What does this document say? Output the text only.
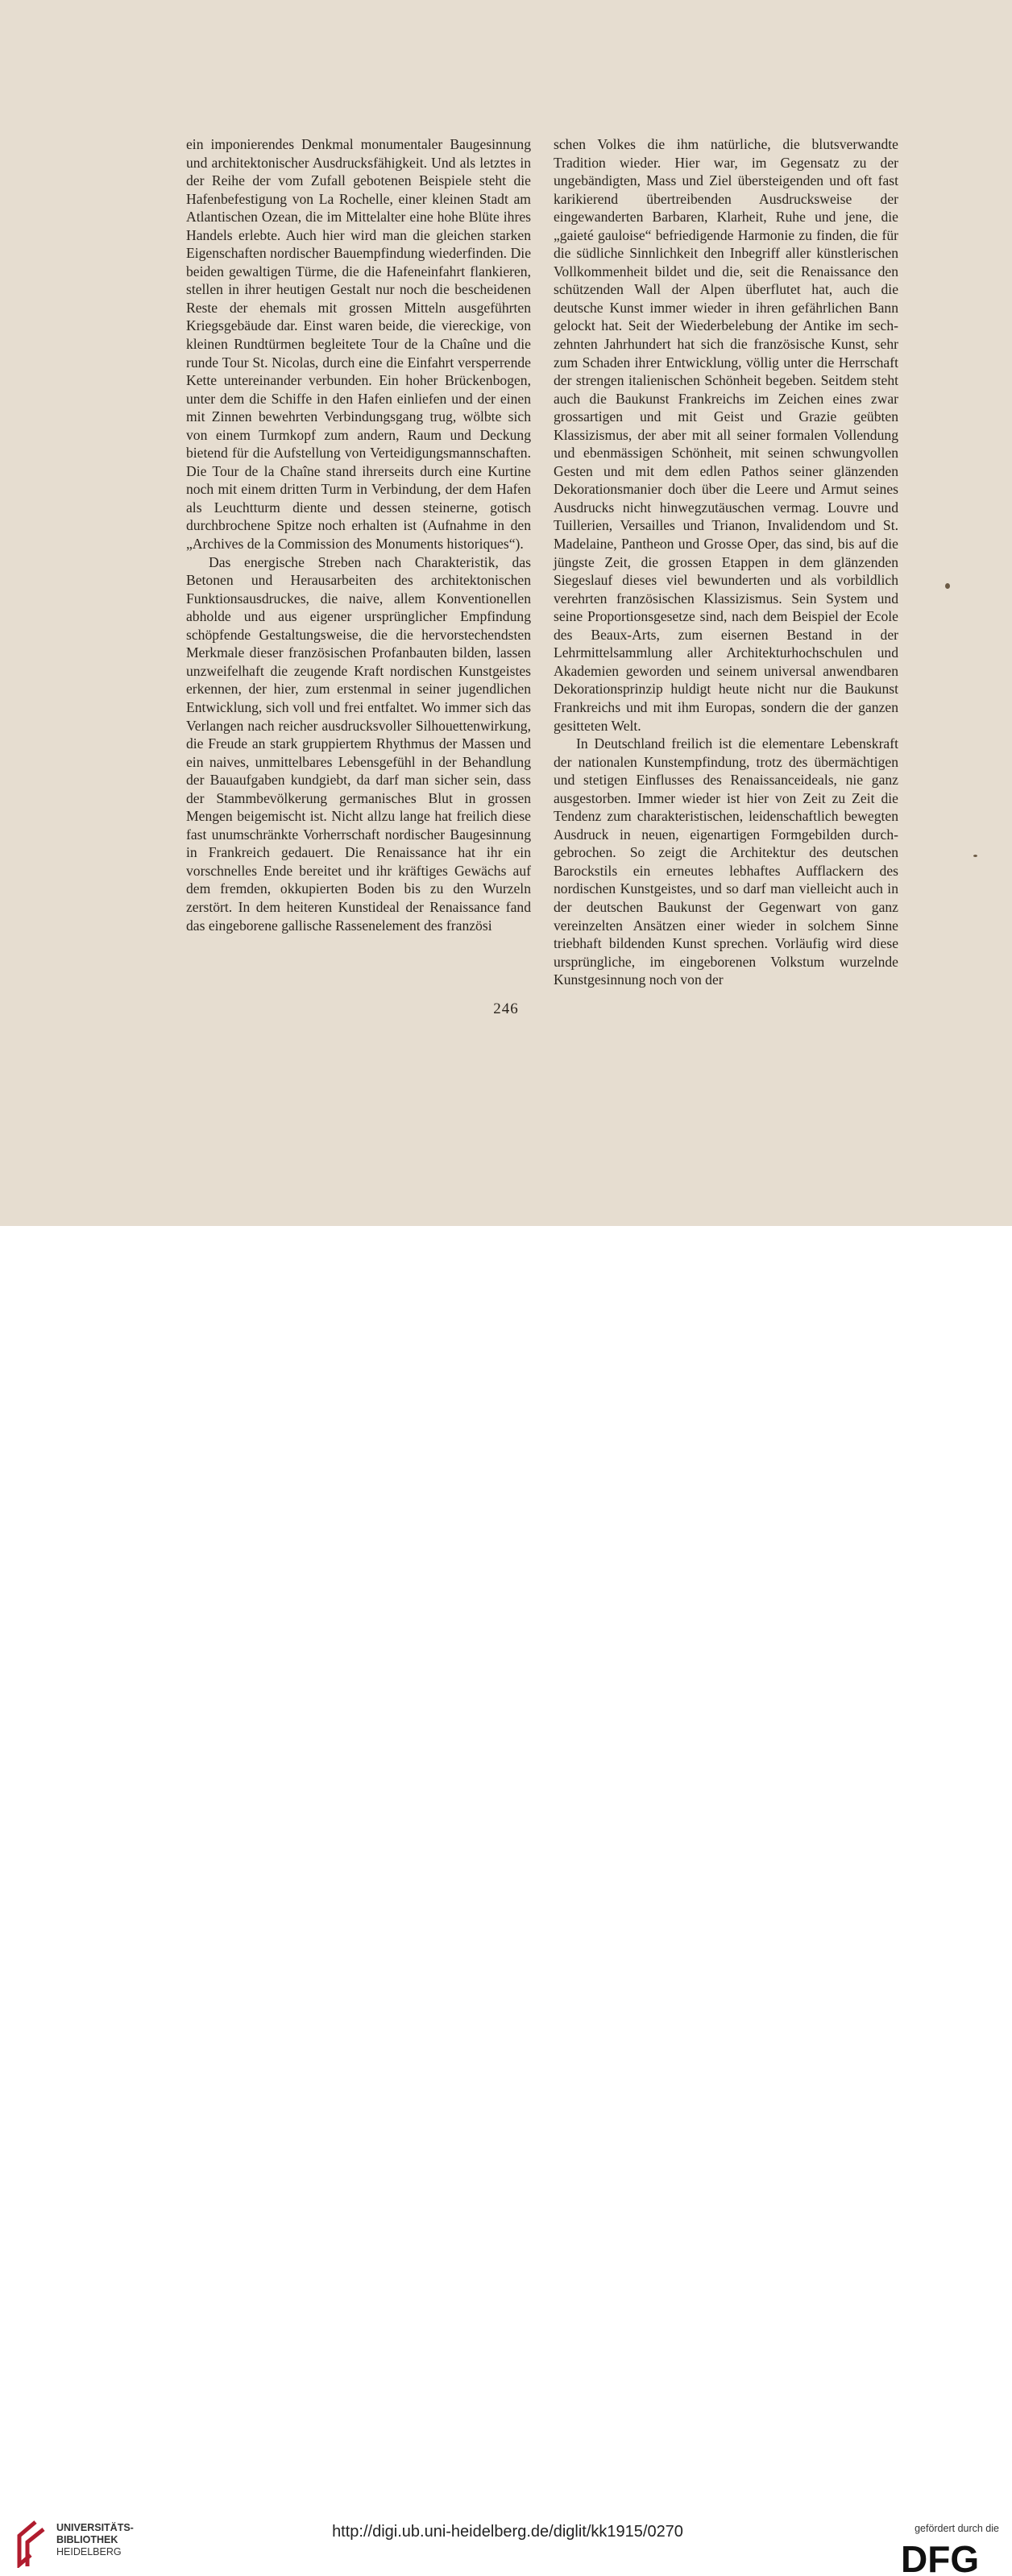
ein imponierendes Denkmal monumentaler Baugesinnung und architektonischer Ausdrucksfähigkeit. Und als letztes in der Reihe der vom Zufall gebotenen Beispiele steht die Hafenbefestigung von La Rochelle, einer kleinen Stadt am Atlantischen Ozean, die im Mittelalter eine hohe Blüte ihres Handels erlebte. Auch hier wird man die gleichen starken Eigenschaften nordischer Bauempfindung wiederfinden. Die beiden gewaltigen Türme, die die Hafeneinfahrt flankieren, stellen in ihrer heutigen Gestalt nur noch die bescheidenen Reste der ehemals mit grossen Mitteln ausgeführten Kriegsgebäude dar. Einst waren beide, die viereckige, von kleinen Rundtürmen begleitete Tour de la Chaîne und die runde Tour St. Nicolas, durch eine die Einfahrt versperrende Kette untereinander verbunden. Ein hoher Brückenbogen, unter dem die Schiffe in den Hafen einliefen und der einen mit Zinnen bewehrten Verbindungsgang trug, wölbte sich von einem Turmkopf zum andern, Raum und Deckung bietend für die Aufstellung von Verteidigungsmannschaften. Die Tour de la Chaîne stand ihrerseits durch eine Kurtine noch mit einem dritten Turm in Verbindung, der dem Hafen als Leuchtturm diente und dessen steinerne, gotisch durchbrochene Spitze noch erhalten ist (Aufnahme in den „Archives de la Commission des Monuments historiques“).

Das energische Streben nach Charakteristik, das Betonen und Herausarbeiten des architektonischen Funktionsausdruckes, die naive, allem Konventionellen abholde und aus eigener ursprünglicher Empfindung schöpfende Gestaltungsweise, die die hervorstechendsten Merkmale dieser französischen Profanbauten bilden, lassen unzweifelhaft die zeugende Kraft nordischen Kunstgeistes erkennen, der hier, zum erstenmal in seiner jugendlichen Entwicklung, sich voll und frei entfaltet. Wo immer sich das Verlangen nach reicher ausdrucksvoller Silhouettenwirkung, die Freude an stark gruppiertem Rhythmus der Massen und ein naives, unmittelbares Lebensgefühl in der Behandlung der Bauaufgaben kundgiebt, da darf man sicher sein, dass der Stammbevölkerung germanisches Blut in grossen Mengen beigemischt ist. Nicht allzu lange hat freilich diese fast unumschränkte Vorherrschaft nordischer Baugesinnung in Frankreich gedauert. Die Renaissance hat ihr ein vorschnelles Ende bereitet und ihr kräftiges Gewächs auf dem fremden, okkupierten Boden bis zu den Wurzeln zerstört. In dem heiteren Kunstideal der Renaissance fand das eingeborene gallische Rassenelement des französi

schen Volkes die ihm natürliche, die blutsverwandte Tradition wieder. Hier war, im Gegensatz zu der ungebändigten, Mass und Ziel übersteigenden und oft fast karikierend übertreibenden Ausdrucksweise der eingewanderten Barbaren, Klarheit, Ruhe und jene, die „gaieté gauloise“ befriedigende Harmonie zu finden, die für die südliche Sinnlichkeit den Inbegriff aller künstlerischen Vollkommenheit bildet und die, seit die Renaissance den schützenden Wall der Alpen überflutet hat, auch die deutsche Kunst immer wieder in ihren gefährlichen Bann gelockt hat. Seit der Wiederbelebung der Antike im sechzehnten Jahrhundert hat sich die französische Kunst, sehr zum Schaden ihrer Entwicklung, völlig unter die Herrschaft der strengen italienischen Schönheit begeben. Seitdem steht auch die Baukunst Frankreichs im Zeichen eines zwar grossartigen und mit Geist und Grazie geübten Klassizismus, der aber mit all seiner formalen Vollendung und ebenmässigen Schönheit, mit seinen schwungvollen Gesten und mit dem edlen Pathos seiner glänzenden Dekorationsmanier doch über die Leere und Armut seines Ausdrucks nicht hinwegzutäuschen vermag. Louvre und Tuillerien, Versailles und Trianon, Invalidendom und St. Madelaine, Pantheon und Grosse Oper, das sind, bis auf die jüngste Zeit, die grossen Etappen in dem glänzenden Siegeslauf dieses viel bewunderten und als vorbildlich verehrten französischen Klassizismus. Sein System und seine Proportionsgesetze sind, nach dem Beispiel der Ecole des Beaux-Arts, zum eisernen Bestand in der Lehrmittelsammlung aller Architekturhochschulen und Akademien geworden und seinem universal anwendbaren Dekorationsprinzip huldigt heute nicht nur die Baukunst Frankreichs und mit ihm Europas, sondern die der ganzen gesitteten Welt.

In Deutschland freilich ist die elementare Lebenskraft der nationalen Kunstempfindung, trotz des übermächtigen und stetigen Einflusses des Renaissanceideals, nie ganz ausgestorben. Immer wieder ist hier von Zeit zu Zeit die Tendenz zum charakteristischen, leidenschaftlich bewegten Ausdruck in neuen, eigenartigen Formgebilden durchgebrochen. So zeigt die Architektur des deutschen Barockstils ein erneutes lebhaftes Aufflackern des nordischen Kunstgeistes, und so darf man vielleicht auch in der deutschen Baukunst der Gegenwart von ganz vereinzelten Ansätzen einer wieder in solchem Sinne triebhaft bildenden Kunst sprechen. Vorläufig wird diese ursprüngliche, im eingeborenen Volkstum wurzelnde Kunstgesinnung noch von der

246
UNIVERSITÄTS-
BIBLIOTHEK
HEIDELBERG
http://digi.ub.uni-heidelberg.de/diglit/kk1915/0270	gefördert durch die
DFG
